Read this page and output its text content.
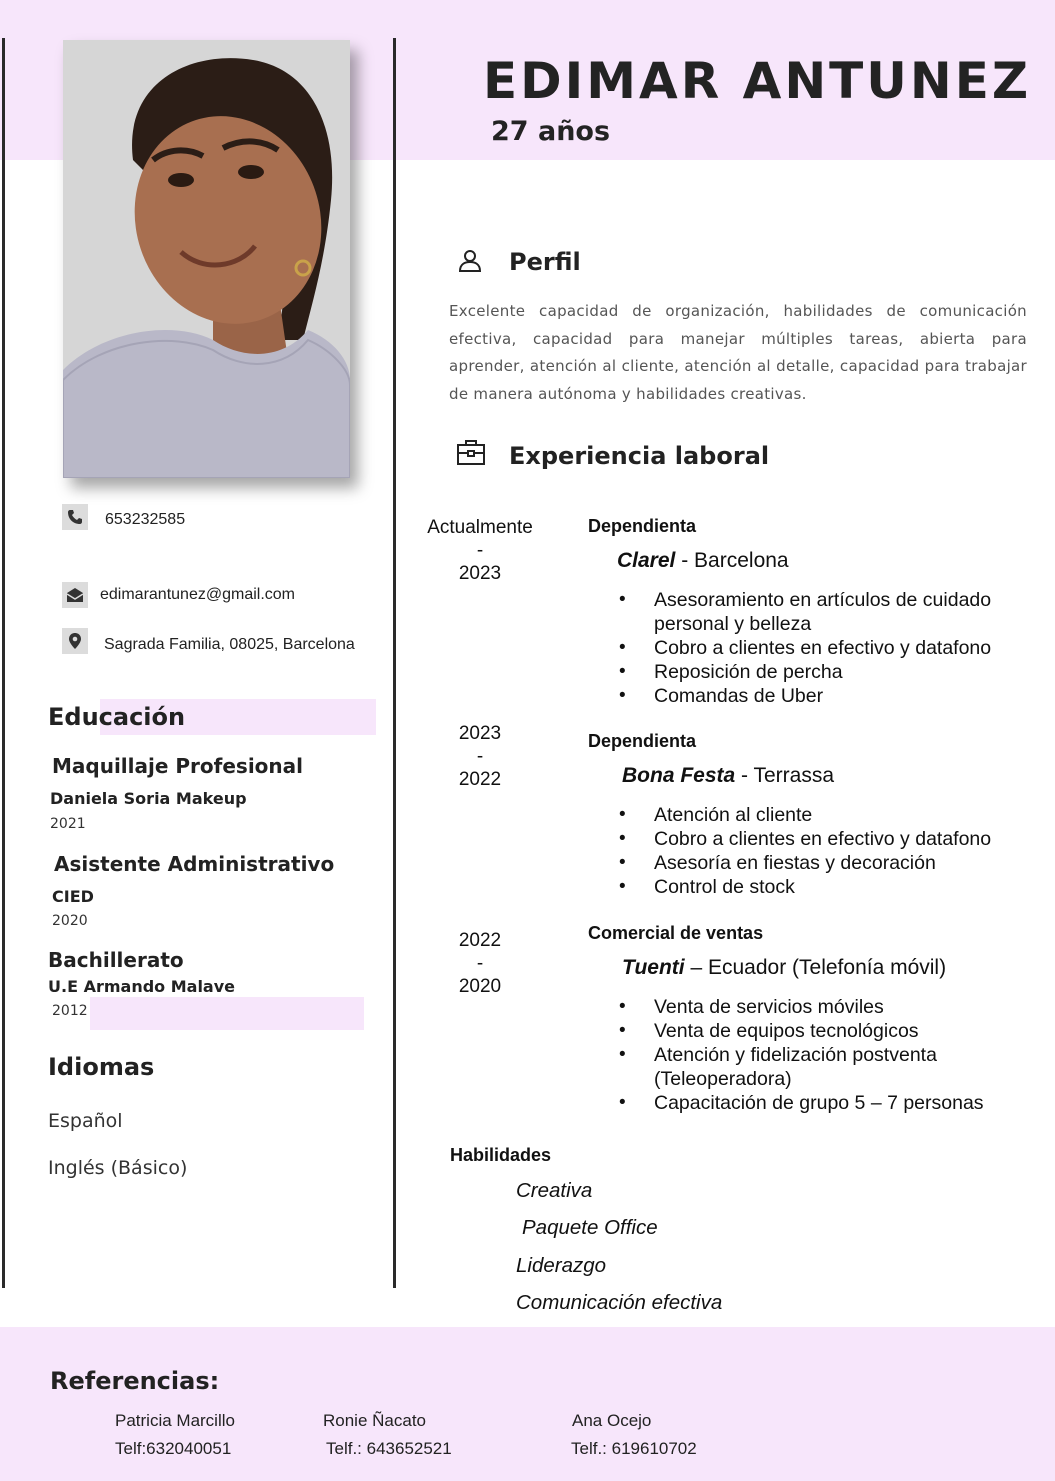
EDIMAR ANTUNEZ
27 años
653232585
edimarantunez@gmail.com
Sagrada Familia, 08025, Barcelona
Educación
Maquillaje Profesional
Daniela Soria Makeup
2021
Asistente Administrativo
CIED
2020
Bachillerato
U.E Armando Malave
2012
Idiomas
Español
Inglés (Básico)
Perfil
Excelente capacidad de organización, habilidades de comunicación efectiva, capacidad para manejar múltiples tareas, abierta para aprender, atención al cliente, atención al detalle, capacidad para trabajar de manera autónoma y habilidades creativas.
Experiencia laboral
Actualmente
-
2023
Dependienta
Clarel - Barcelona
• Asesoramiento en artículos de cuidado personal y belleza
• Cobro a clientes en efectivo y datafono
• Reposición de percha
• Comandas de Uber
2023
-
2022
Dependienta
Bona Festa - Terrassa
• Atención al cliente
• Cobro a clientes en efectivo y datafono
• Asesoría en fiestas y decoración
• Control de stock
2022
-
2020
Comercial de ventas
Tuenti – Ecuador (Telefonía móvil)
• Venta de servicios móviles
• Venta de equipos tecnológicos
• Atención y fidelización postventa (Teleoperadora)
• Capacitación de grupo 5 – 7 personas
Habilidades
Creativa
Paquete Office
Liderazgo
Comunicación efectiva
Referencias:
Patricia Marcillo
Telf:632040051
Ronie Ñacato
Telf.: 643652521
Ana Ocejo
Telf.: 619610702
